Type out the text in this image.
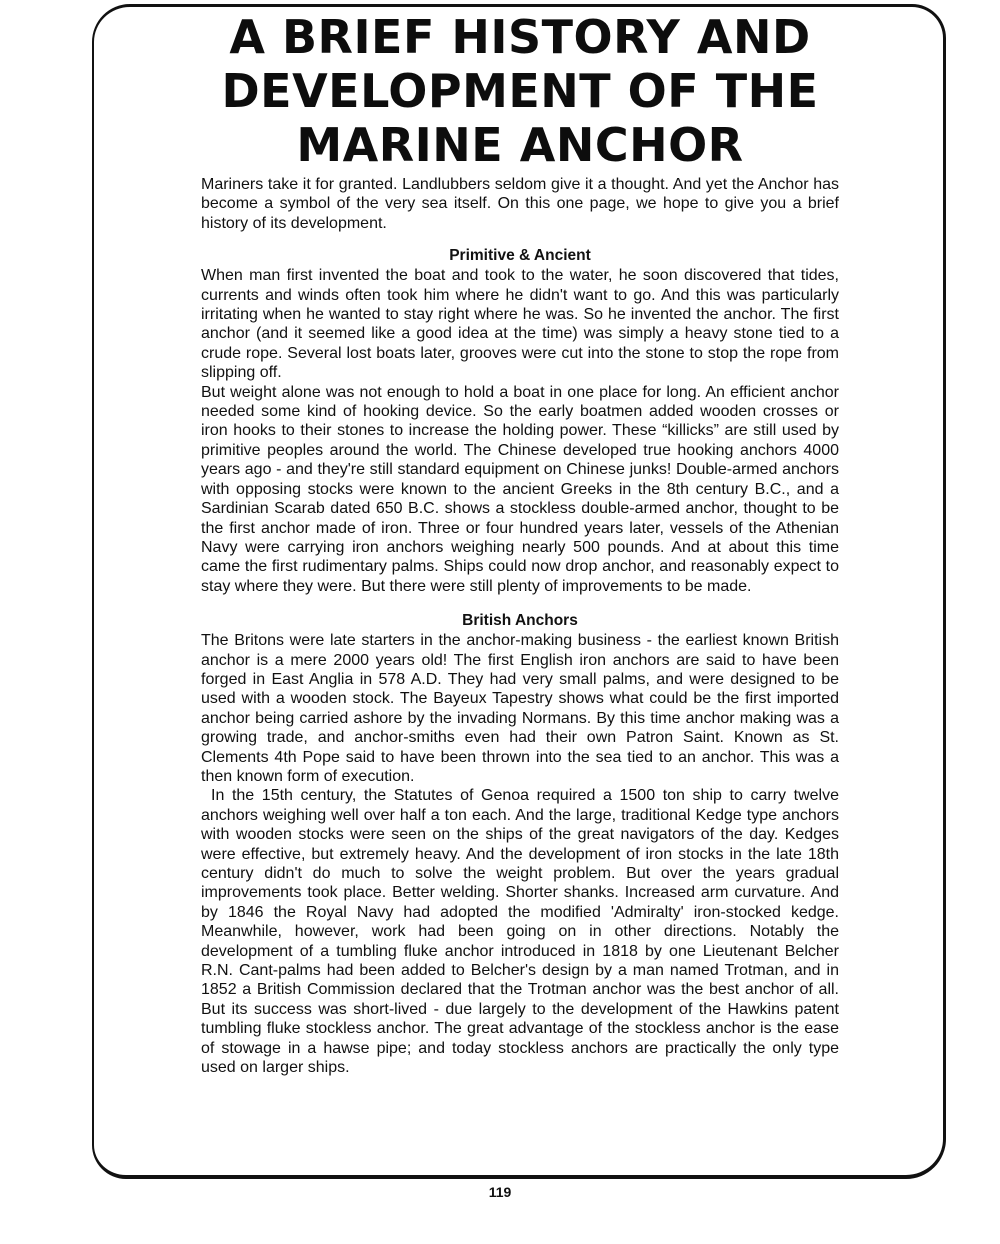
A BRIEF HISTORY AND
DEVELOPMENT OF THE
MARINE ANCHOR

Mariners take it for granted. Landlubbers seldom give it a thought. And yet the Anchor has become a symbol of the very sea itself. On this one page, we hope to give you a brief history of its development.

Primitive & Ancient

When man first invented the boat and took to the water, he soon discovered that tides, currents and winds often took him where he didn't want to go. And this was particularly irritating when he wanted to stay right where he was. So he invented the anchor. The first anchor (and it seemed like a good idea at the time) was simply a heavy stone tied to a crude rope. Several lost boats later, grooves were cut into the stone to stop the rope from slipping off.

But weight alone was not enough to hold a boat in one place for long. An efficient anchor needed some kind of hooking device. So the early boatmen added wooden crosses or iron hooks to their stones to increase the holding power. These “killicks” are still used by primitive peoples around the world. The Chinese developed true hooking anchors 4000 years ago - and they're still standard equipment on Chinese junks! Double-armed anchors with opposing stocks were known to the ancient Greeks in the 8th century B.C., and a Sardinian Scarab dated 650 B.C. shows a stockless double-armed anchor, thought to be the first anchor made of iron. Three or four hundred years later, vessels of the Athenian Navy were carrying iron anchors weighing nearly 500 pounds. And at about this time came the first rudimentary palms. Ships could now drop anchor, and reasonably expect to stay where they were. But there were still plenty of improvements to be made.

British Anchors

The Britons were late starters in the anchor-making business - the earliest known British anchor is a mere 2000 years old! The first English iron anchors are said to have been forged in East Anglia in 578 A.D. They had very small palms, and were designed to be used with a wooden stock. The Bayeux Tapestry shows what could be the first imported anchor being carried ashore by the invading Normans. By this time anchor making was a growing trade, and anchor-smiths even had their own Patron Saint. Known as St. Clements 4th Pope said to have been thrown into the sea tied to an anchor. This was a then known form of execution.

In the 15th century, the Statutes of Genoa required a 1500 ton ship to carry twelve anchors weighing well over half a ton each. And the large, traditional Kedge type anchors with wooden stocks were seen on the ships of the great navigators of the day. Kedges were effective, but extremely heavy. And the development of iron stocks in the late 18th century didn't do much to solve the weight problem. But over the years gradual improvements took place. Better welding. Shorter shanks. Increased arm curvature. And by 1846 the Royal Navy had adopted the modified 'Admiralty' iron-stocked kedge. Meanwhile, however, work had been going on in other directions. Notably the development of a tumbling fluke anchor introduced in 1818 by one Lieutenant Belcher R.N. Cant-palms had been added to Belcher's design by a man named Trotman, and in 1852 a British Commission declared that the Trotman anchor was the best anchor of all. But its success was short-lived - due largely to the development of the Hawkins patent tumbling fluke stockless anchor. The great advantage of the stockless anchor is the ease of stowage in a hawse pipe; and today stockless anchors are practically the only type used on larger ships.

119
